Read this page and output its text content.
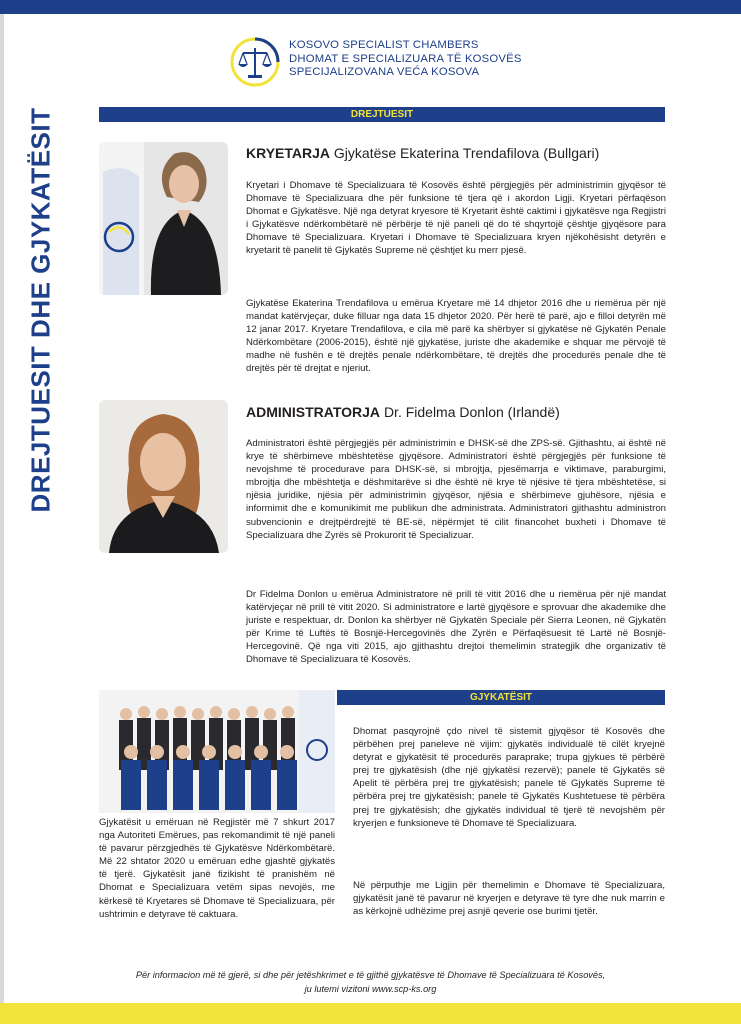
KOSOVO SPECIALIST CHAMBERS
DHOMAT E SPECIALIZUARA TË KOSOVËS
SPECIJALIZOVANA VEĆA KOSOVA
DREJTUESIT DHE GJYKATËSIT	DREJTUESIT
KRYETARJA Gjykatëse Ekaterina Trendafilova (Bullgari)

Kryetari i Dhomave të Specializuara të Kosovës është përgjegjës për administrimin gjyqësor të Dhomave të Specializuara dhe për funksione të tjera që i akordon Ligji. Kryetari përfaqëson Dhomat e Gjykatësve. Një nga detyrat kryesore të Kryetarit është caktimi i gjykatësve nga Regjistri i Gjykatësve ndërkombëtarë në përbërje të një paneli që do të shqyrtojë çështje gjyqësore para Dhomave të Specializuara. Kryetari i Dhomave të Specializuara kryen njëkohësisht detyrën e kryetarit të panelit të Gjykatës Supreme në çështjet ku merr pjesë.

Gjykatëse Ekaterina Trendafilova u emërua Kryetare më 14 dhjetor 2016 dhe u riemërua për një mandat katërvjeçar, duke filluar nga data 15 dhjetor 2020. Për herë të parë, ajo e filloi detyrën më 12 janar 2017. Kryetare Trendafilova, e cila më parë ka shërbyer si gjykatëse në Gjykatën Penale Ndërkombëtare (2006-2015), është një gjykatëse, juriste dhe akademike e shquar me përvojë të madhe në fushën e të drejtës penale ndërkombëtare, të drejtës dhe procedurës penale dhe të drejtës për të drejtat e njeriut.

ADMINISTRATORJA Dr. Fidelma Donlon (Irlandë)

Administratori është përgjegjës për administrimin e DHSK-së dhe ZPS-së. Gjithashtu, ai është në krye të shërbimeve mbështetëse gjyqësore. Administratori është përgjegjës për funksione të nevojshme të procedurave para DHSK-së, si mbrojtja, pjesëmarrja e viktimave, paraburgimi, mbrojtja dhe mbështetja e dëshmitarëve si dhe është në krye të njësive të tjera mbështetëse, si njësia juridike, njësia për administrimin gjyqësor, njësia e shërbimeve gjuhësore, njësia e informimit dhe e komunikimit me publikun dhe administrata. Administratori gjithashtu administron subvencionin e drejtpërdrejtë të BE-së, nëpërmjet të cilit financohet buxheti i Dhomave të Specializuara dhe Zyrës së Prokurorit të Specializuar.

Dr Fidelma Donlon u emërua Administratore në prill të vitit 2016 dhe u riemërua për një mandat katërvjeçar në prill të vitit 2020. Si administratore e lartë gjyqësore e sprovuar dhe akademike dhe juriste e respektuar, dr. Donlon ka shërbyer në Gjykatën Speciale për Sierra Leonen, në Gjykatën për Krime të Luftës të Bosnjë-Hercegovinës dhe Zyrën e Përfaqësuesit të Lartë në Bosnjë-Hercegovinë. Që nga viti 2015, ajo gjithashtu drejtoi themelimin strategjik dhe organizativ të Dhomave të Specializuara të Kosovës.

GJYKATËSIT

Gjykatësit u emëruan në Regjistër më 7 shkurt 2017 nga Autoriteti Emërues, pas rekomandimit të një paneli të pavarur përzgjedhës të Gjykatësve Ndërkombëtarë. Më 22 shtator 2020 u emëruan edhe gjashtë gjykatës të tjerë. Gjykatësit janë fizikisht të pranishëm në Dhomat e Specializuara vetëm sipas nevojës, me kërkesë të Kryetares së Dhomave të Specializuara, për ushtrimin e detyrave të caktuara.

Dhomat pasqyrojnë çdo nivel të sistemit gjyqësor të Kosovës dhe përbëhen prej paneleve në vijim: gjykatës individualë të cilët kryejnë detyrat e gjykatësit të procedurës paraprake; trupa gjykues të përbërë prej tre gjykatësish (dhe një gjykatësi rezervë); panele të Gjykatës së Apelit të përbëra prej tre gjykatësish; panele të Gjykatës Supreme të përbëra prej tre gjykatësish; panele të Gjykatës Kushtetuese të përbëra prej tre gjykatësish; dhe gjykatës individual të tjerë të nevojshëm për kryerjen e funksioneve të Dhomave të Specializuara.

Në përputhje me Ligjin për themelimin e Dhomave të Specializuara, gjykatësit janë të pavarur në kryerjen e detyrave të tyre dhe nuk marrin e as kërkojnë udhëzime prej asnjë qeverie ose burimi tjetër.

Për informacion më të gjerë, si dhe për jetëshkrimet e të gjithë gjykatësve të Dhomave të Specializuara të Kosovës,
ju lutemi vizitoni www.scp-ks.org
